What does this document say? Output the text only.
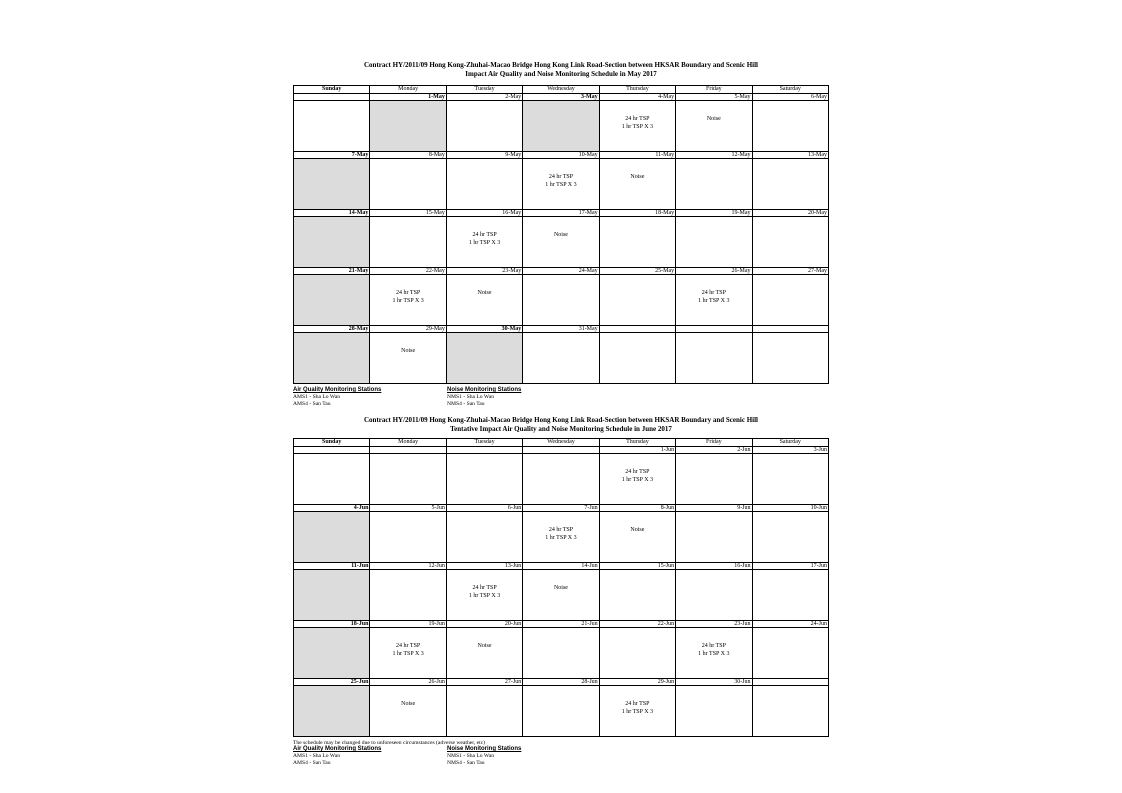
Contract HY/2011/09 Hong Kong-Zhuhai-Macao Bridge Hong Kong Link Road-Section between HKSAR Boundary and Scenic Hill
Impact Air Quality and Noise Monitoring Schedule in May 2017
Sunday	Monday	Tuesday	Wednesday	Thursday	Friday	Saturday
	1-May	2-May	3-May	4-May	5-May	6-May

				24 hr TSP
1 hr TSP X 3	Noise	

7-May	8-May	9-May	10-May	11-May	12-May	13-May

			24 hr TSP
1 hr TSP X 3	Noise		

14-May	15-May	16-May	17-May	18-May	19-May	20-May

		24 hr TSP
1 hr TSP X 3	Noise			

21-May	22-May	23-May	24-May	25-May	26-May	27-May

	24 hr TSP
1 hr TSP X 3	Noise			24 hr TSP
1 hr TSP X 3	

28-May	29-May	30-May	31-May			

	Noise					

Air Quality Monitoring Stations
AMS1 - Sha Lo Wan
AMS4 - San Tau
Noise Monitoring Stations
NMS1 - Sha Lo Wan
NMS4 - San Tau
Contract HY/2011/09 Hong Kong-Zhuhai-Macao Bridge Hong Kong Link Road-Section between HKSAR Boundary and Scenic Hill
Tentative Impact Air Quality and Noise Monitoring Schedule in June 2017
Sunday	Monday	Tuesday	Wednesday	Thursday	Friday	Saturday
				1-Jun	2-Jun	3-Jun

				24 hr TSP
1 hr TSP X 3		

4-Jun	5-Jun	6-Jun	7-Jun	8-Jun	9-Jun	10-Jun

			24 hr TSP
1 hr TSP X 3	Noise		

11-Jun	12-Jun	13-Jun	14-Jun	15-Jun	16-Jun	17-Jun

		24 hr TSP
1 hr TSP X 3	Noise			

18-Jun	19-Jun	20-Jun	21-Jun	22-Jun	23-Jun	24-Jun

	24 hr TSP
1 hr TSP X 3	Noise			24 hr TSP
1 hr TSP X 3	

25-Jun	26-Jun	27-Jun	28-Jun	29-Jun	30-Jun	

	Noise			24 hr TSP
1 hr TSP X 3		

The schedule may be changed due to unforeseen circumstances (adverse weather, etc)
Air Quality Monitoring Stations
AMS1 - Sha Lo Wan
AMS4 - San Tau
Noise Monitoring Stations
NMS1 - Sha Lo Wan
NMS4 - San Tau
